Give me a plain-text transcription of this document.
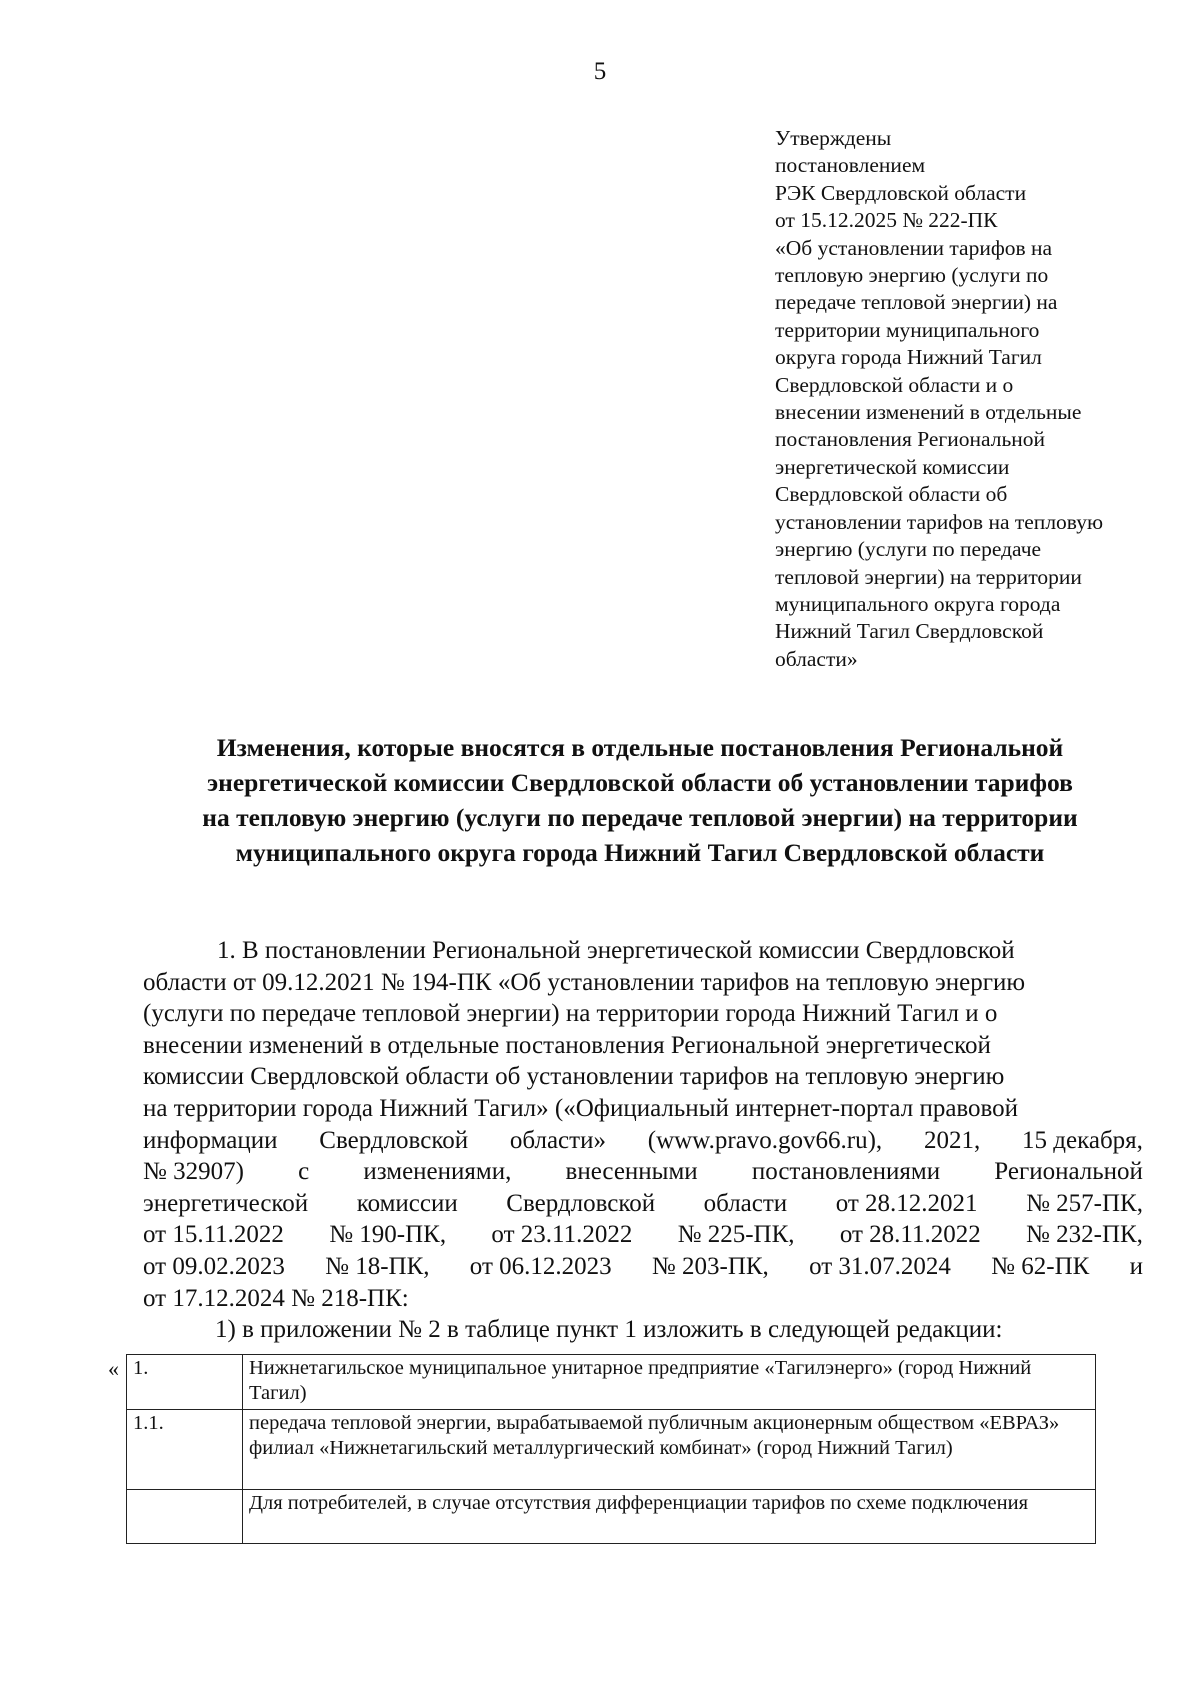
5
Утверждены
постановлением
РЭК Свердловской области
от 15.12.2025 № 222-ПК
«Об установлении тарифов на
тепловую энергию (услуги по
передаче тепловой энергии) на
территории муниципального
округа города Нижний Тагил
Свердловской области и о
внесении изменений в отдельные
постановления Региональной
энергетической комиссии
Свердловской области об
установлении тарифов на тепловую
энергию (услуги по передаче
тепловой энергии) на территории
муниципального округа города
Нижний Тагил Свердловской
области»
Изменения, которые вносятся в отдельные постановления Региональной
энергетической комиссии Свердловской области об установлении тарифов
на тепловую энергию (услуги по передаче тепловой энергии) на территории
муниципального округа города Нижний Тагил Свердловской области
1. В постановлении Региональной энергетической комиссии Свердловской
области от 09.12.2021 № 194-ПК «Об установлении тарифов на тепловую энергию
(услуги по передаче тепловой энергии) на территории города Нижний Тагил и о
внесении изменений в отдельные постановления Региональной энергетической
комиссии Свердловской области об установлении тарифов на тепловую энергию
на территории города Нижний Тагил» («Официальный интернет-портал правовой
информации Свердловской области» (www.pravo.gov66.ru), 2021, 15 декабря,
№ 32907) с изменениями, внесенными постановлениями Региональной
энергетической комиссии Свердловской области от 28.12.2021 № 257-ПК,
от 15.11.2022 № 190-ПК, от 23.11.2022 № 225-ПК, от 28.11.2022 № 232-ПК,
от 09.02.2023 № 18-ПК, от 06.12.2023 № 203-ПК, от 31.07.2024 № 62-ПК и
от 17.12.2024 № 218-ПК:
1) в приложении № 2 в таблице пункт 1 изложить в следующей редакции:
« 1.	Нижнетагильское муниципальное унитарное предприятие «Тагилэнерго» (город Нижний Тагил)
1.1.	передача тепловой энергии, вырабатываемой публичным акционерным обществом «ЕВРАЗ» филиал «Нижнетагильский металлургический комбинат» (город Нижний Тагил)
	Для потребителей, в случае отсутствия дифференциации тарифов по схеме подключения
